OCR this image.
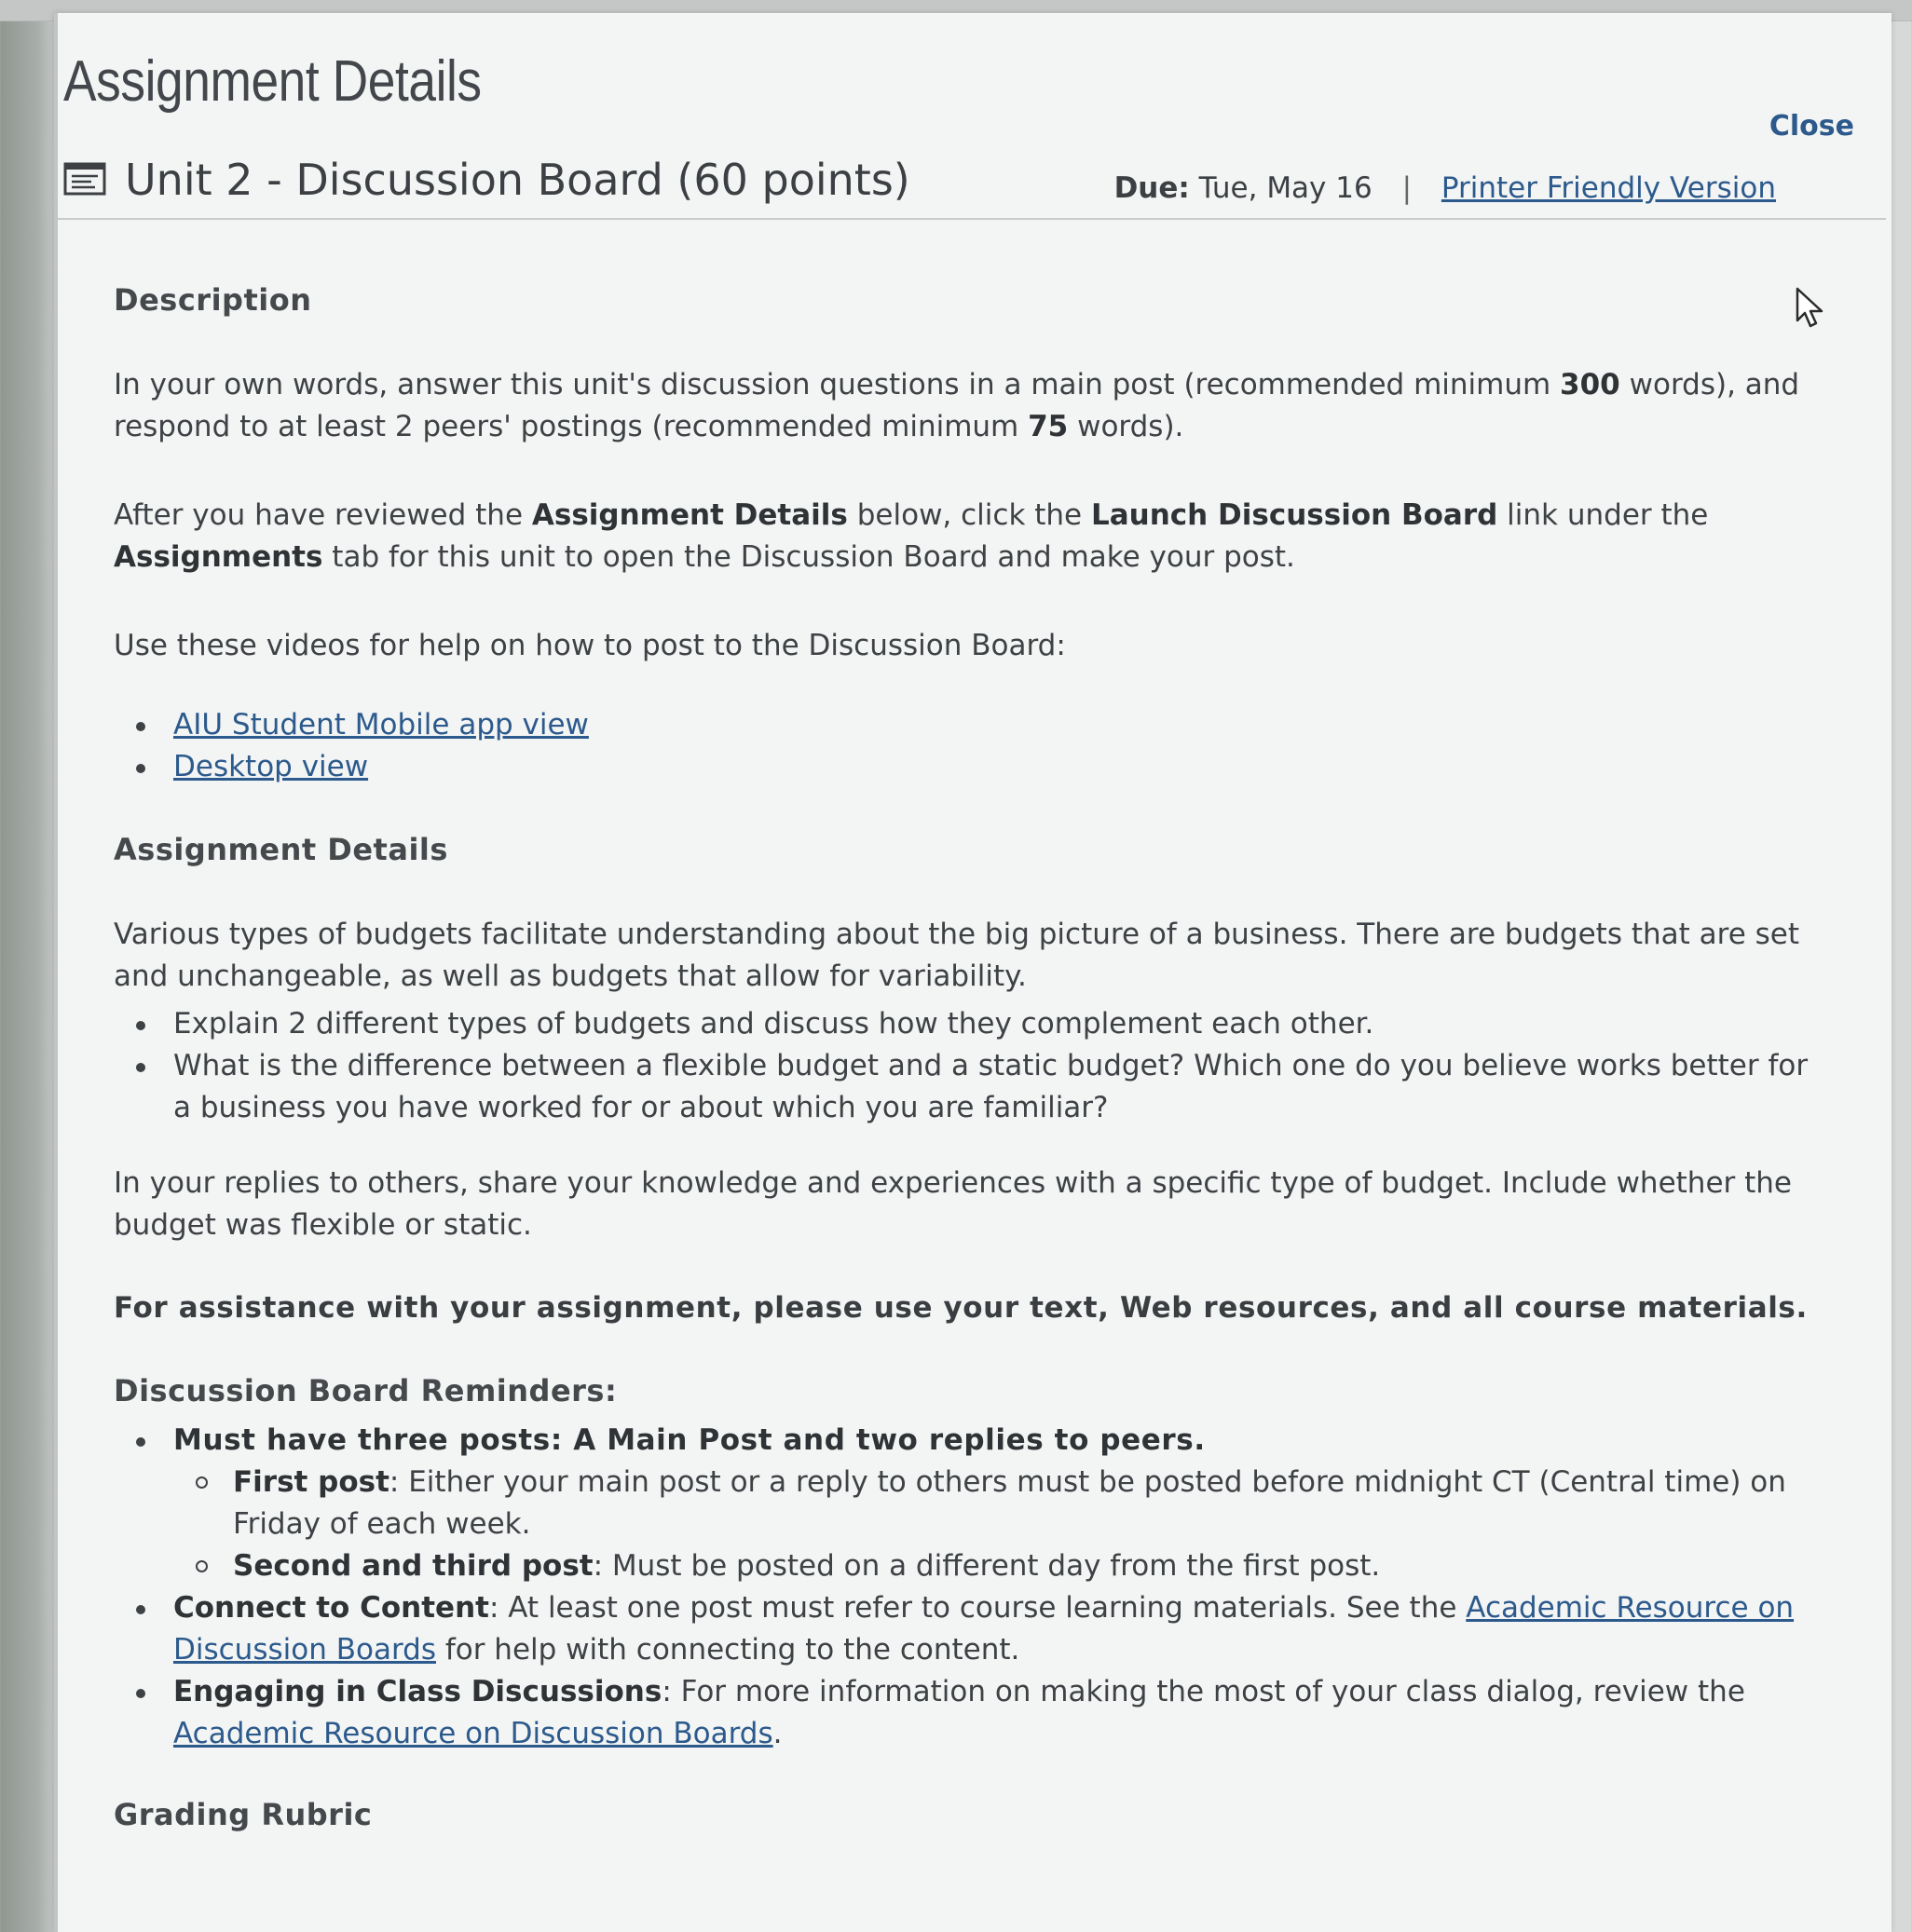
Assignment Details
Close
Unit 2 - Discussion Board (60 points)	Due: Tue, May 16 | Printer Friendly Version
Description

In your own words, answer this unit's discussion questions in a main post (recommended minimum 300 words), and respond to at least 2 peers' postings (recommended minimum 75 words).

After you have reviewed the Assignment Details below, click the Launch Discussion Board link under the Assignments tab for this unit to open the Discussion Board and make your post.

Use these videos for help on how to post to the Discussion Board:

AIU Student Mobile app view
Desktop view
Assignment Details

Various types of budgets facilitate understanding about the big picture of a business. There are budgets that are set and unchangeable, as well as budgets that allow for variability.

Explain 2 different types of budgets and discuss how they complement each other.
What is the difference between a flexible budget and a static budget? Which one do you believe works better for a business you have worked for or about which you are familiar?

In your replies to others, share your knowledge and experiences with a specific type of budget. Include whether the budget was flexible or static.

For assistance with your assignment, please use your text, Web resources, and all course materials.

Discussion Board Reminders:
Must have three posts: A Main Post and two replies to peers.
First post: Either your main post or a reply to others must be posted before midnight CT (Central time) on Friday of each week.
Second and third post: Must be posted on a different day from the first post.
Connect to Content: At least one post must refer to course learning materials. See the Academic Resource on Discussion Boards for help with connecting to the content.
Engaging in Class Discussions: For more information on making the most of your class dialog, review the Academic Resource on Discussion Boards.
Grading Rubric
